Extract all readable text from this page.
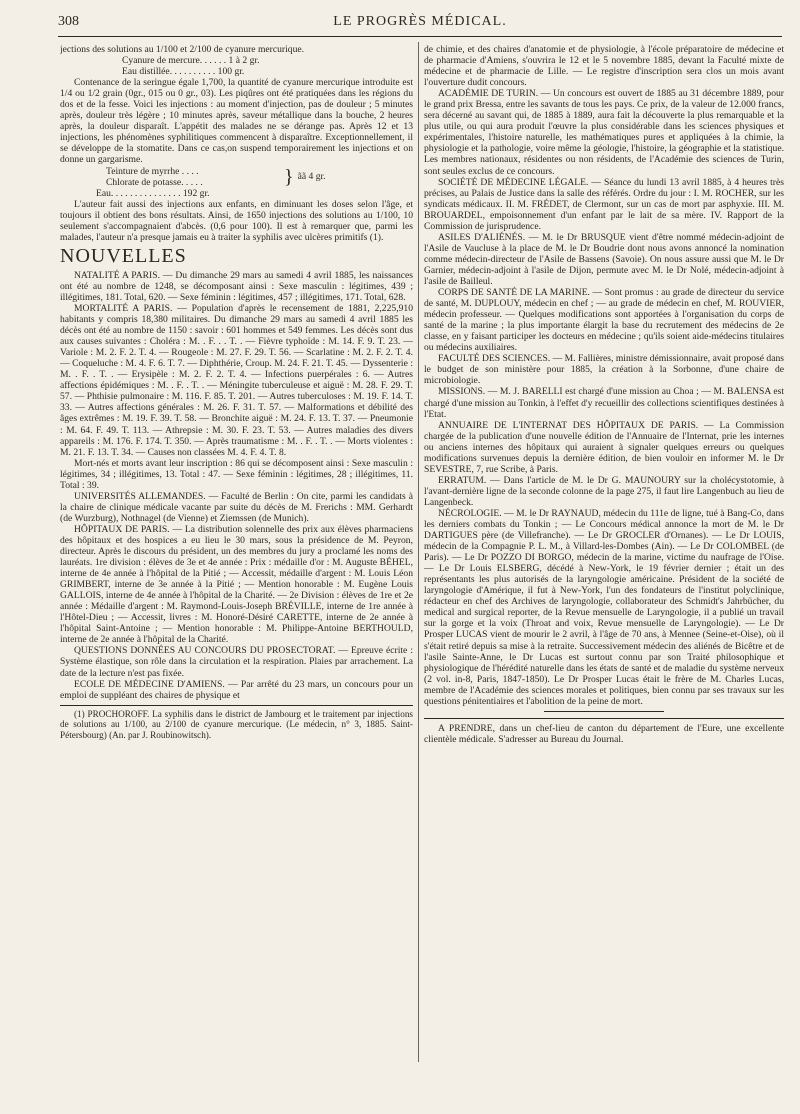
308	LE PROGRÈS MÉDICAL.

jections des solutions au 1/100 et 2/100 de cyanure mercurique.

Cyanure de mercure. . . . . . 1 à 2 gr.
Eau distillée. . . . . . . . . . 100 gr.

Contenance de la seringue égale 1,700, la quantité de cyanure mercurique introduite est 1/4 ou 1/2 grain (0gr., 015 ou 0 gr., 03). Les piqûres ont été pratiquées dans les régions du dos et de la fesse. Voici les injections : au moment d'injection, pas de douleur ; 5 minutes après, douleur très légère ; 10 minutes après, saveur métallique dans la bouche, 2 heures après, la douleur disparaît. L'appétit des malades ne se dérange pas. Après 12 et 13 injections, les phénomènes syphilitiques commencent à disparaître. Exceptionnellement, il se développe de la stomatite. Dans ce cas,on suspend temporairement les injections et on donne un gargarisme.

Teinture de myrrhe . . . .
Chlorate de potasse. . . . .	} ãã 4 gr.
Eau. . . . . . . . . . . . . . . 192 gr.

L'auteur fait aussi des injections aux enfants, en diminuant les doses selon l'âge, et toujours il obtient des bons résultats. Ainsi, de 1650 injections des solutions au 1/100, 10 seulement s'accompagnaient d'abcès. (0,6 pour 100). Il est à remarquer que, parmi les malades, l'auteur n'a presque jamais eu à traiter la syphilis avec ulcères primitifs (1).

NOUVELLES

NATALITÉ A PARIS. — Du dimanche 29 mars au samedi 4 avril 1885, les naissances ont été au nombre de 1248, se décomposant ainsi : Sexe masculin : légitimes, 439 ; illégitimes, 181. Total, 620. — Sexe féminin : légitimes, 457 ; illégitimes, 171. Total, 628.

MORTALITÉ A PARIS. — Population d'après le recensement de 1881, 2,225,910 habitants y compris 18,380 militaires. Du dimanche 29 mars au samedi 4 avril 1885 les décès ont été au nombre de 1150 : savoir : 601 hommes et 549 femmes. Les décès sont dus aux causes suivantes : Choléra : M. . F. . . T. . — Fièvre typhoïde : M. 14. F. 9. T. 23. — Variole : M. 2. F. 2. T. 4. — Rougeole : M. 27. F. 29. T. 56. — Scarlatine : M. 2. F. 2. T. 4. — Coqueluche : M. 4. F. 6. T. 7. — Diphthérie, Croup. M. 24. F. 21. T. 45. — Dyssenterie : M. . F. . T. . — Erysipèle : M. 2. F. 2. T. 4. — Infections puerpérales : 6. — Autres affections épidémiques : M. . F. . T. . — Méningite tuberculeuse et aiguë : M. 28. F. 29. T. 57. — Phthisie pulmonaire : M. 116. F. 85. T. 201. — Autres tuberculoses : M. 19. F. 14. T. 33. — Autres affections générales : M. 26. F. 31. T. 57. — Malformations et débilité des âges extrêmes : M. 19. F. 39. T. 58. — Bronchite aiguë : M. 24. F. 13. T. 37. — Pneumonie : M. 64. F. 49. T. 113. — Athrepsie : M. 30. F. 23. T. 53. — Autres maladies des divers appareils : M. 176. F. 174. T. 350. — Après traumatisme : M. . F. . T. . — Morts violentes : M. 21. F. 13. T. 34. — Causes non classées M. 4. F. 4. T. 8.

Mort-nés et morts avant leur inscription : 86 qui se décomposent ainsi : Sexe masculin : légitimes, 34 ; illégitimes, 13. Total : 47. — Sexe féminin : légitimes, 28 ; illégitimes, 11. Total : 39.

UNIVERSITÉS ALLEMANDES. — Faculté de Berlin : On cite, parmi les candidats à la chaire de clinique médicale vacante par suite du décès de M. Frerichs : MM. Gerhardt (de Wurzburg), Nothnagel (de Vienne) et Ziemssen (de Munich).

HÔPITAUX DE PARIS. — La distribution solennelle des prix aux élèves pharmaciens des hôpitaux et des hospices a eu lieu le 30 mars, sous la présidence de M. Peyron, directeur. Après le discours du président, un des membres du jury a proclamé les noms des lauréats. 1re division : élèves de 3e et 4e année : Prix : médaille d'or : M. Auguste BÉHEL, interne de 4e année à l'hôpital de la Pitié ; — Accessit, médaille d'argent : M. Louis Léon GRIMBERT, interne de 3e année à la Pitié ; — Mention honorable : M. Eugène Louis GALLOIS, interne de 4e année à l'hôpital de la Charité. — 2e Division : élèves de 1re et 2e année : Médaille d'argent : M. Raymond-Louis-Joseph BRÉVILLE, interne de 1re année à l'Hôtel-Dieu ; — Accessit, livres : M. Honoré-Désiré CARETTE, interne de 2e année à l'hôpital Saint-Antoine ; — Mention honorable : M. Philippe-Antoine BERTHOULD, interne de 2e année à l'hôpital de la Charité.

QUESTIONS DONNÉES AU CONCOURS DU PROSECTORAT. — Epreuve écrite : Système élastique, son rôle dans la circulation et la respiration. Plaies par arrachement. La date de la lecture n'est pas fixée.

ECOLE DE MÉDECINE D'AMIENS. — Par arrêté du 23 mars, un concours pour un emploi de suppléant des chaires de physique et

(1) PROCHOROFF. La syphilis dans le district de Jambourg et le traitement par injections de solutions au 1/100, au 2/100 de cyanure mercurique. (Le médecin, n° 3, 1885. Saint-Pétersbourg) (An. par J. Roubinowitsch).

de chimie, et des chaires d'anatomie et de physiologie, à l'école préparatoire de médecine et de pharmacie d'Amiens, s'ouvrira le 12 et le 5 novembre 1885, devant la Faculté mixte de médecine et de pharmacie de Lille. — Le registre d'inscription sera clos un mois avant l'ouverture dudit concours.

ACADÉMIE DE TURIN. — Un concours est ouvert de 1885 au 31 décembre 1889, pour le grand prix Bressa, entre les savants de tous les pays. Ce prix, de la valeur de 12.000 francs, sera décerné au savant qui, de 1885 à 1889, aura fait la découverte la plus remarquable et la plus utile, ou qui aura produit l'œuvre la plus considérable dans les sciences physiques et expérimentales, l'histoire naturelle, les mathématiques pures et appliquées à la chimie, la physiologie et la pathologie, voire même la géologie, l'histoire, la géographie et la statistique. Les membres nationaux, résidentes ou non résidents, de l'Académie des sciences de Turin, sont seules exclus de ce concours.

SOCIÉTÉ DE MÉDECINE LÉGALE. — Séance du lundi 13 avril 1885, à 4 heures très précises, au Palais de Justice dans la salle des référés. Ordre du jour : I. M. ROCHER, sur les syndicats médicaux. II. M. FRÉDET, de Clermont, sur un cas de mort par asphyxie. III. M. BROUARDEL, empoisonnement d'un enfant par le lait de sa mère. IV. Rapport de la Commission de jurisprudence.

ASILES D'ALIÉNÉS. — M. le Dr BRUSQUE vient d'être nommé médecin-adjoint de l'Asile de Vaucluse à la place de M. le Dr Boudrie dont nous avons annoncé la nomination comme médecin-directeur de l'Asile de Bassens (Savoie). On nous assure aussi que M. le Dr Garnier, médecin-adjoint à l'asile de Dijon, permute avec M. le Dr Nolé, médecin-adjoint à l'asile de Bailleul.

CORPS DE SANTÉ DE LA MARINE. — Sont promus : au grade de directeur du service de santé, M. DUPLOUY, médecin en chef ; — au grade de médecin en chef, M. ROUVIER, médecin professeur. — Quelques modifications sont apportées à l'organisation du corps de santé de la marine ; la plus importante élargit la base du recrutement des médecins de 2e classe, en y faisant participer les docteurs en médecine ; qu'ils soient aide-médecins titulaires ou médecins auxiliaires.

FACULTÉ DES SCIENCES. — M. Fallières, ministre démissionnaire, avait proposé dans le budget de son ministère pour 1885, la création à la Sorbonne, d'une chaire de microbiologie.

MISSIONS. — M. J. BARELLI est chargé d'une mission au Choa ; — M. BALENSA est chargé d'une mission au Tonkin, à l'effet d'y recueillir des collections scientifiques destinées à l'Etat.

ANNUAIRE DE L'INTERNAT DES HÔPITAUX DE PARIS. — La Commission chargée de la publication d'une nouvelle édition de l'Annuaire de l'Internat, prie les internes ou anciens internes des hôpitaux qui auraient à signaler quelques erreurs ou quelques modifications survenues depuis la dernière édition, de bien vouloir en informer M. le Dr SEVESTRE, 7, rue Scribe, à Paris.

ERRATUM. — Dans l'article de M. le Dr G. MAUNOURY sur la cholécystotomie, à l'avant-dernière ligne de la seconde colonne de la page 275, il faut lire Langenbuch au lieu de Langenbeck.

NÉCROLOGIE. — M. le Dr RAYNAUD, médecin du 111e de ligne, tué à Bang-Co, dans les derniers combats du Tonkin ; — Le Concours médical annonce la mort de M. le Dr DARTIGUES père (de Villefranche). — Le Dr GROCLER d'Ornanes). — Le Dr LOUIS, médecin de la Compagnie P. L. M., à Villard-les-Dombes (Ain). — Le Dr COLOMBEL (de Paris). — Le Dr POZZO DI BORGO, médecin de la marine, victime du naufrage de l'Oise. — Le Dr Louis ELSBERG, décédé à New-York, le 19 février dernier ; était un des représentants les plus autorisés de la laryngologie américaine. Président de la société de laryngologie d'Amérique, il fut à New-York, l'un des fondateurs de l'institut polyclinique, rédacteur en chef des Archives de laryngologie, collaborateur des Schmidt's Jahrbücher, du medical and surgical reporter, de la Revue mensuelle de Laryngologie, il a publié un travail sur la gorge et la voix (Throat and voix, Revue mensuelle de Laryngologie). — Le Dr Prosper LUCAS vient de mourir le 2 avril, à l'âge de 70 ans, à Mennee (Seine-et-Oise), où il s'était retiré depuis sa mise à la retraite. Successivement médecin des aliénés de Bicêtre et de l'asile Sainte-Anne, le Dr Lucas est surtout connu par son Traité philosophique et physiologique de l'hérédité naturelle dans les états de santé et de maladie du système nerveux (2 vol. in-8, Paris, 1847-1850). Le Dr Prosper Lucas était le frère de M. Charles Lucas, membre de l'Académie des sciences morales et politiques, bien connu par ses travaux sur les questions pénitentiaires et l'abolition de la peine de mort.

A PRENDRE, dans un chef-lieu de canton du département de l'Eure, une excellente clientèle médicale. S'adresser au Bureau du Journal.
